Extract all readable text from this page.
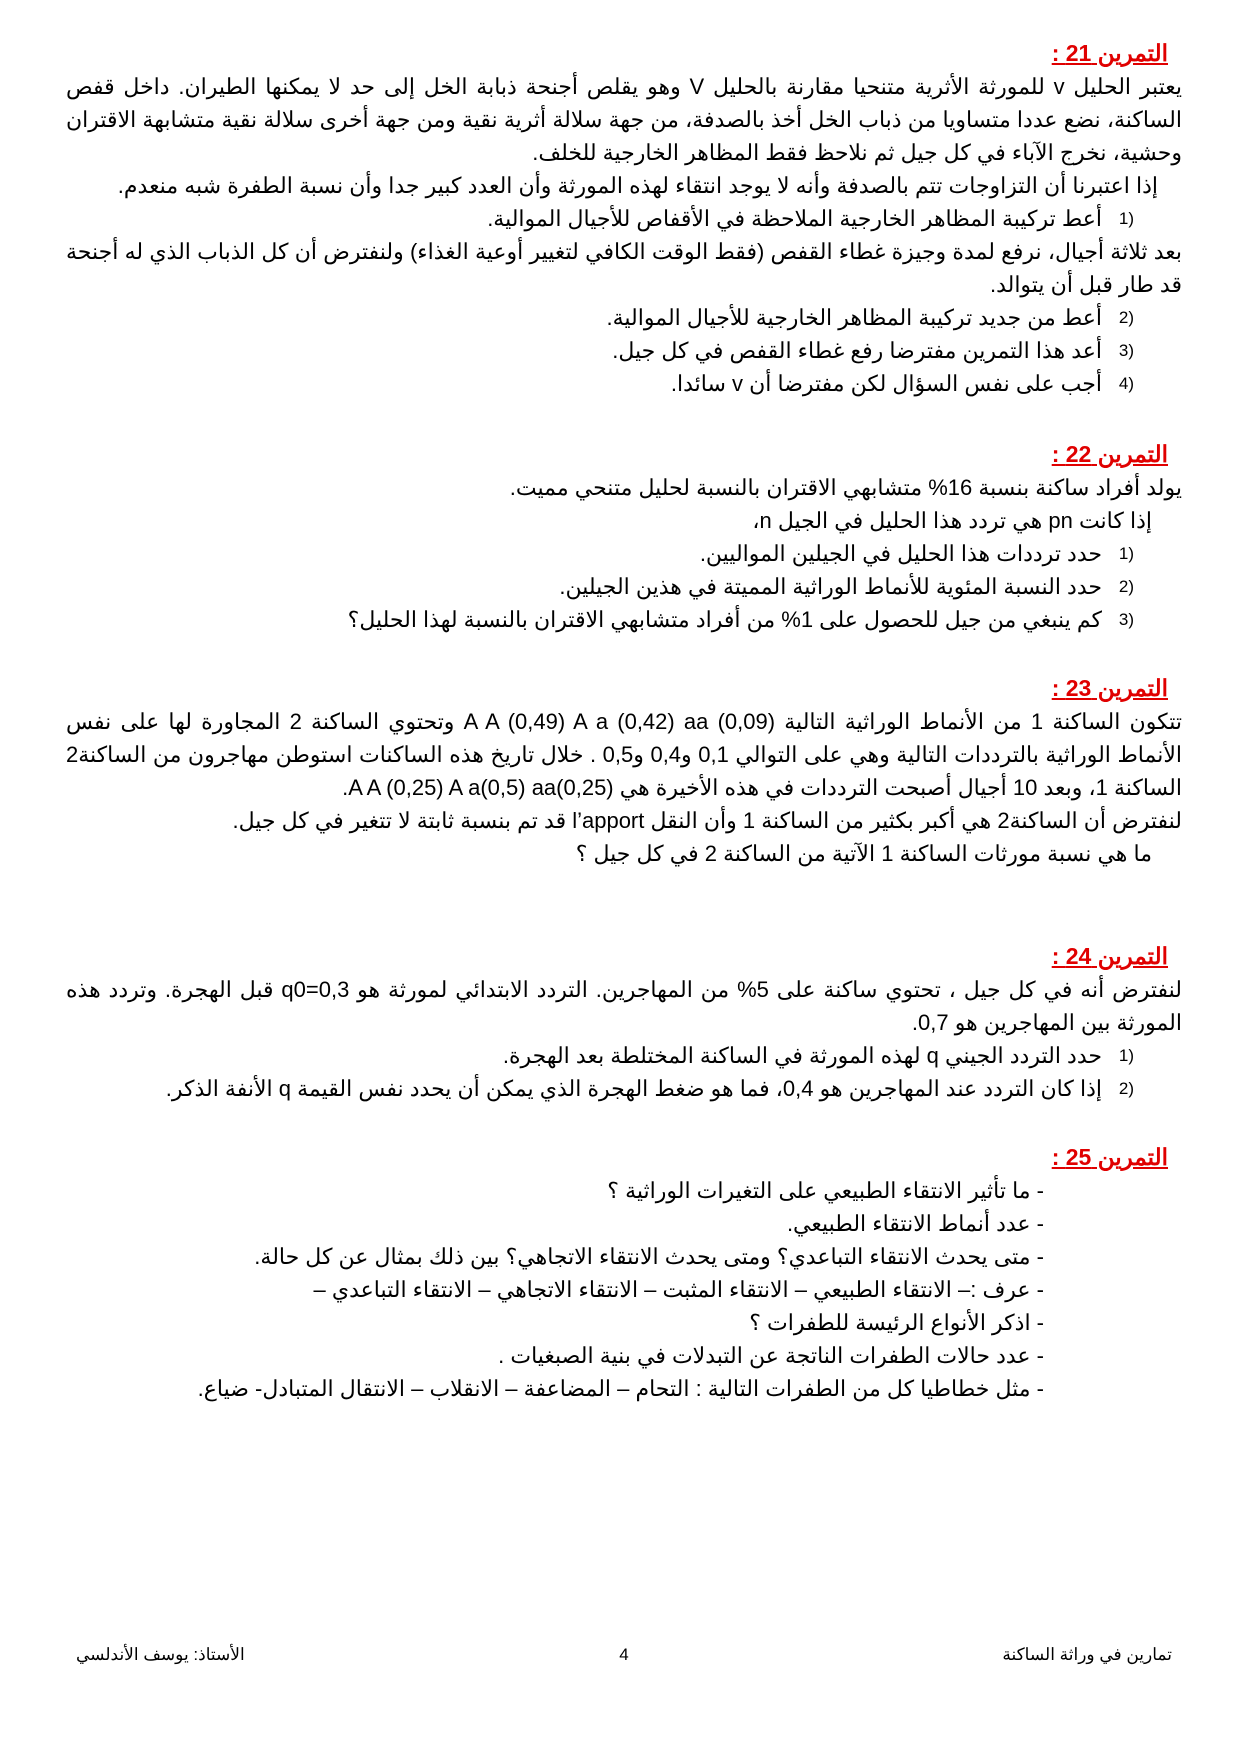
التمرين 21 :
يعتبر الحليل v للمورثة الأثرية متنحيا مقارنة بالحليل V وهو يقلص أجنحة ذبابة الخل إلى حد لا يمكنها الطيران. داخل قفص الساكنة، نضع عددا متساويا من ذباب الخل أخذ بالصدفة، من جهة سلالة أثرية نقية ومن جهة أخرى سلالة نقية متشابهة الاقتران وحشية، نخرج الآباء في كل جيل ثم نلاحظ فقط المظاهر الخارجية للخلف.
إذا اعتبرنا أن التزاوجات تتم بالصدفة وأنه لا يوجد انتقاء لهذه المورثة وأن العدد كبير جدا وأن نسبة الطفرة شبه منعدم.
(1
أعط تركيبة المظاهر الخارجية الملاحظة في الأقفاص للأجيال الموالية.
بعد ثلاثة أجيال، نرفع لمدة وجيزة غطاء القفص (فقط الوقت الكافي لتغيير أوعية الغذاء) ولنفترض أن كل الذباب الذي له أجنحة قد طار قبل أن يتوالد.
(2
أعط من جديد تركيبة المظاهر الخارجية للأجيال الموالية.
(3
أعد هذا التمرين مفترضا رفع غطاء القفص في كل جيل.
(4
أجب على نفس السؤال لكن مفترضا أن v سائدا.
التمرين 22 :
يولد أفراد ساكنة بنسبة 16% متشابهي الاقتران بالنسبة لحليل متنحي مميت.
إذا كانت pn هي تردد هذا الحليل في الجيل n،
(1
حدد ترددات هذا الحليل في الجيلين المواليين.
(2
حدد النسبة المئوية للأنماط الوراثية المميتة في هذين الجيلين.
(3
كم ينبغي من جيل للحصول على 1% من أفراد متشابهي الاقتران بالنسبة لهذا الحليل؟
التمرين 23 :
تتكون الساكنة 1 من الأنماط الوراثية التالية A A (0,49) A a (0,42) aa (0,09) وتحتوي الساكنة 2 المجاورة لها على نفس الأنماط الوراثية بالترددات التالية وهي على التوالي 0,1 و0,4 و0,5 . خلال تاريخ هذه الساكنات استوطن مهاجرون من الساكنة2 الساكنة 1، وبعد 10 أجيال أصبحت الترددات في هذه الأخيرة هي A A (0,25) A a(0,5) aa(0,25).
لنفترض أن الساكنة2 هي أكبر بكثير من الساكنة 1 وأن النقل l’apport قد تم بنسبة ثابتة لا تتغير في كل جيل.
ما هي نسبة مورثات الساكنة 1 الآتية من الساكنة 2 في كل جيل ؟
التمرين 24 :
لنفترض أنه في كل جيل ، تحتوي ساكنة على 5% من المهاجرين. التردد الابتدائي لمورثة هو q0=0,3 قبل الهجرة. وتردد هذه المورثة بين المهاجرين هو 0,7.
(1
حدد التردد الجيني q لهذه المورثة في الساكنة المختلطة بعد الهجرة.
(2
إذا كان التردد عند المهاجرين هو 0,4، فما هو ضغط الهجرة الذي يمكن أن يحدد نفس القيمة q الأنفة الذكر.
التمرين 25 :
- ما تأثير الانتقاء الطبيعي على التغيرات الوراثية ؟
- عدد أنماط الانتقاء الطبيعي.
- متى يحدث الانتقاء التباعدي؟ ومتى يحدث الانتقاء الاتجاهي؟ بين ذلك بمثال عن كل حالة.
- عرف :– الانتقاء الطبيعي – الانتقاء المثبت – الانتقاء الاتجاهي – الانتقاء التباعدي –
- اذكر الأنواع الرئيسة للطفرات ؟
- عدد حالات الطفرات الناتجة عن التبدلات في بنية الصبغيات .
- مثل خطاطيا كل من الطفرات التالية : التحام – المضاعفة – الانقلاب – الانتقال المتبادل- ضياع.
تمارين في وراثة الساكنة
4
الأستاذ: يوسف الأندلسي
